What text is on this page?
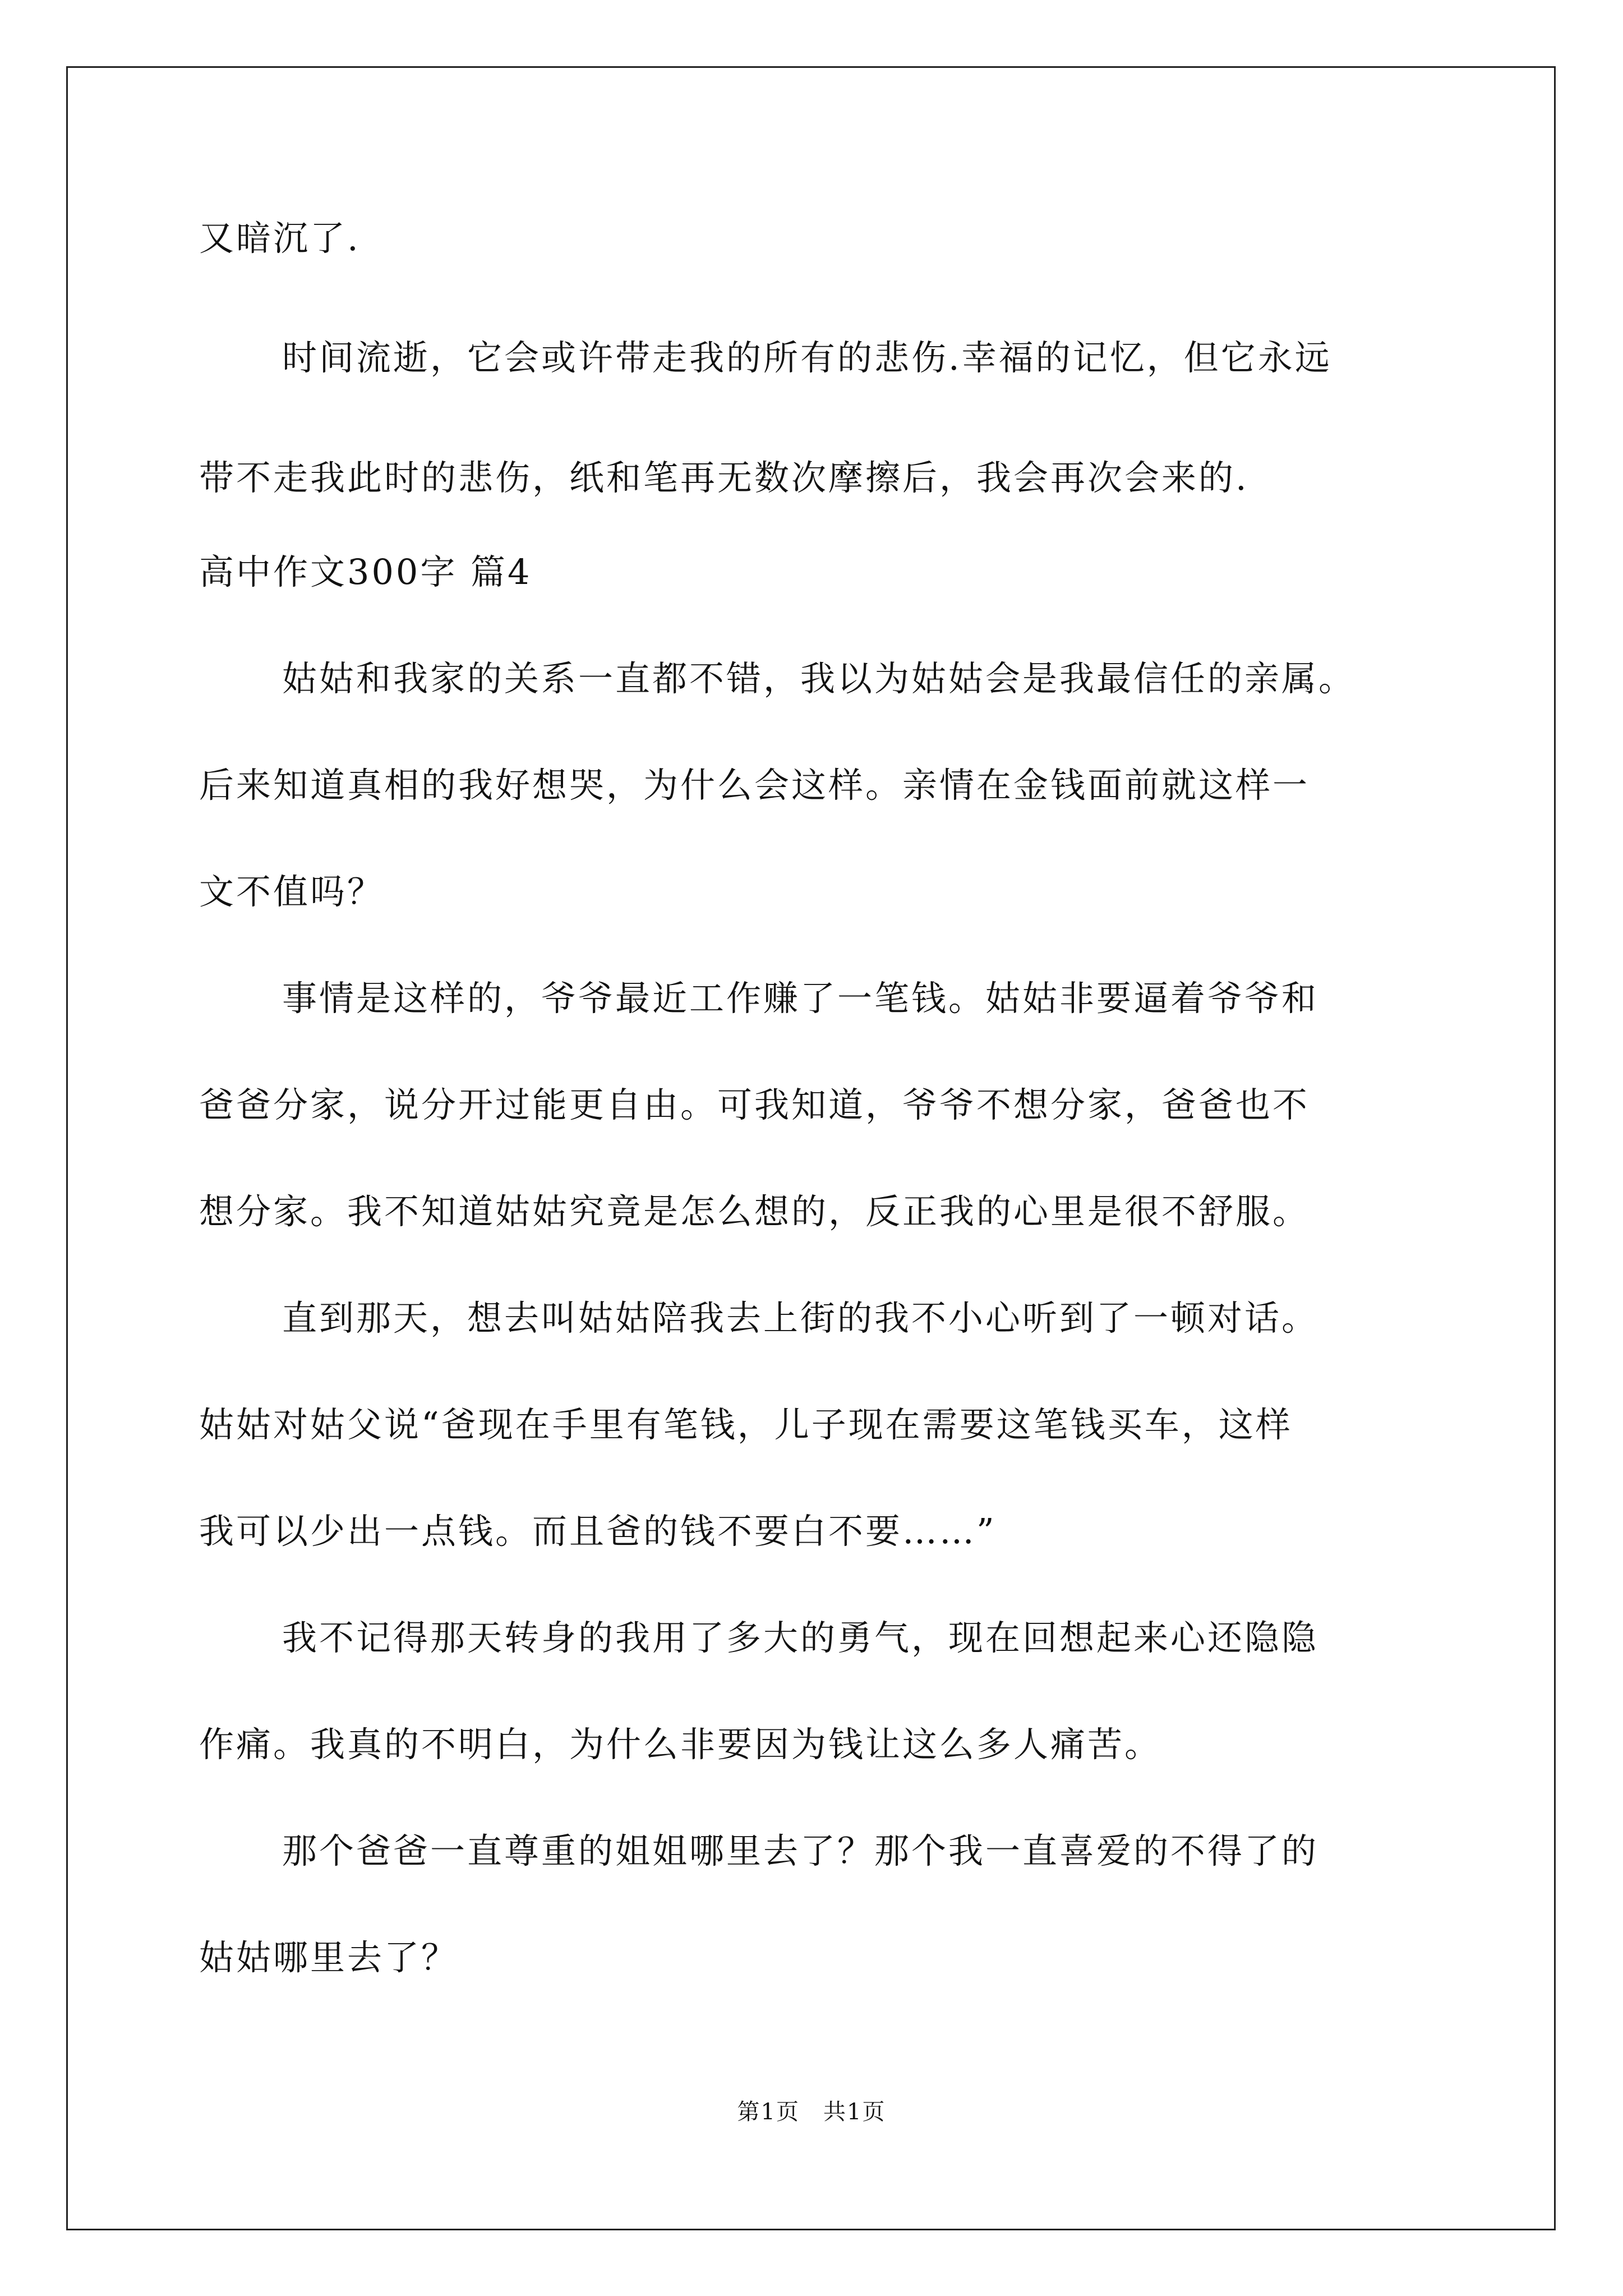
又暗沉了.
时间流逝，它会或许带走我的所有的悲伤.幸福的记忆，但它永远
带不走我此时的悲伤，纸和笔再无数次摩擦后，我会再次会来的.
高中作文300字 篇4
姑姑和我家的关系一直都不错，我以为姑姑会是我最信任的亲属。
后来知道真相的我好想哭，为什么会这样。亲情在金钱面前就这样一
文不值吗？
事情是这样的，爷爷最近工作赚了一笔钱。姑姑非要逼着爷爷和
爸爸分家，说分开过能更自由。可我知道，爷爷不想分家，爸爸也不
想分家。我不知道姑姑究竟是怎么想的，反正我的心里是很不舒服。
直到那天，想去叫姑姑陪我去上街的我不小心听到了一顿对话。
姑姑对姑父说“爸现在手里有笔钱，儿子现在需要这笔钱买车，这样
我可以少出一点钱。而且爸的钱不要白不要……”
我不记得那天转身的我用了多大的勇气，现在回想起来心还隐隐
作痛。我真的不明白，为什么非要因为钱让这么多人痛苦。
那个爸爸一直尊重的姐姐哪里去了？那个我一直喜爱的不得了的
姑姑哪里去了？
第1页　共1页
